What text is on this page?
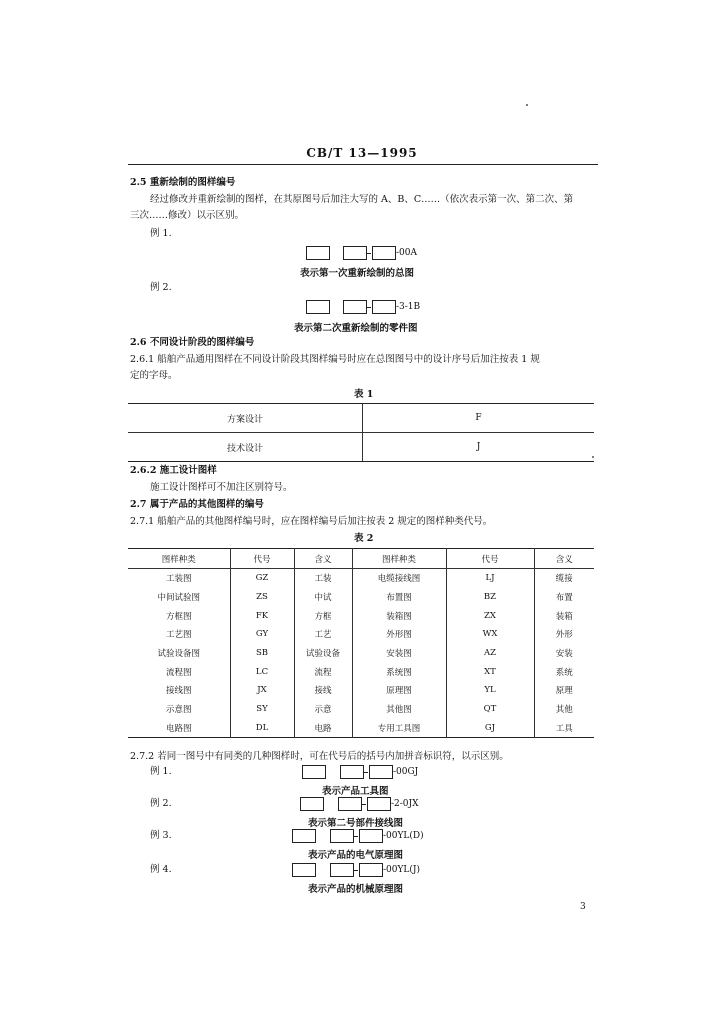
CB/T 13—1995
2.5 重新绘制的图样编号
经过修改并重新绘制的图样，在其原图号后加注大写的 A、B、C……（依次表示第一次、第二次、第
三次……修改）以示区别。
例 1.
-00A
表示第一次重新绘制的总图
例 2.
-3-1B
表示第二次重新绘制的零件图
2.6 不同设计阶段的图样编号
2.6.1 船舶产品通用图样在不同设计阶段其图样编号时应在总图图号中的设计序号后加注按表 1 规
定的字母。
表 1
方案设计	F
技术设计	J
2.6.2 施工设计图样
施工设计图样可不加注区别符号。
2.7 属于产品的其他图样的编号
2.7.1 船舶产品的其他图样编号时，应在图样编号后加注按表 2 规定的图样种类代号。
表 2
图样种类	代号	含义	图样种类	代号	含义
工装图	GZ	工装	电缆接线图	LJ	缆接
中间试验图	ZS	中试	布置图	BZ	布置
方框图	FK	方框	装箱图	ZX	装箱
工艺图	GY	工艺	外形图	WX	外形
试验设备图	SB	试验设备	安装图	AZ	安装
流程图	LC	流程	系统图	XT	系统
接线图	JX	接线	原理图	YL	原理
示意图	SY	示意	其他图	QT	其他
电路图	DL	电路	专用工具图	GJ	工具
2.7.2 若同一图号中有同类的几种图样时，可在代号后的括号内加拼音标识符，以示区别。
例 1.	-00GJ
表示产品工具图
例 2.	-2-0JX
表示第二号部件接线图
例 3.	-00YL(D)
表示产品的电气原理图
例 4.	-00YL(J)
表示产品的机械原理图
3
